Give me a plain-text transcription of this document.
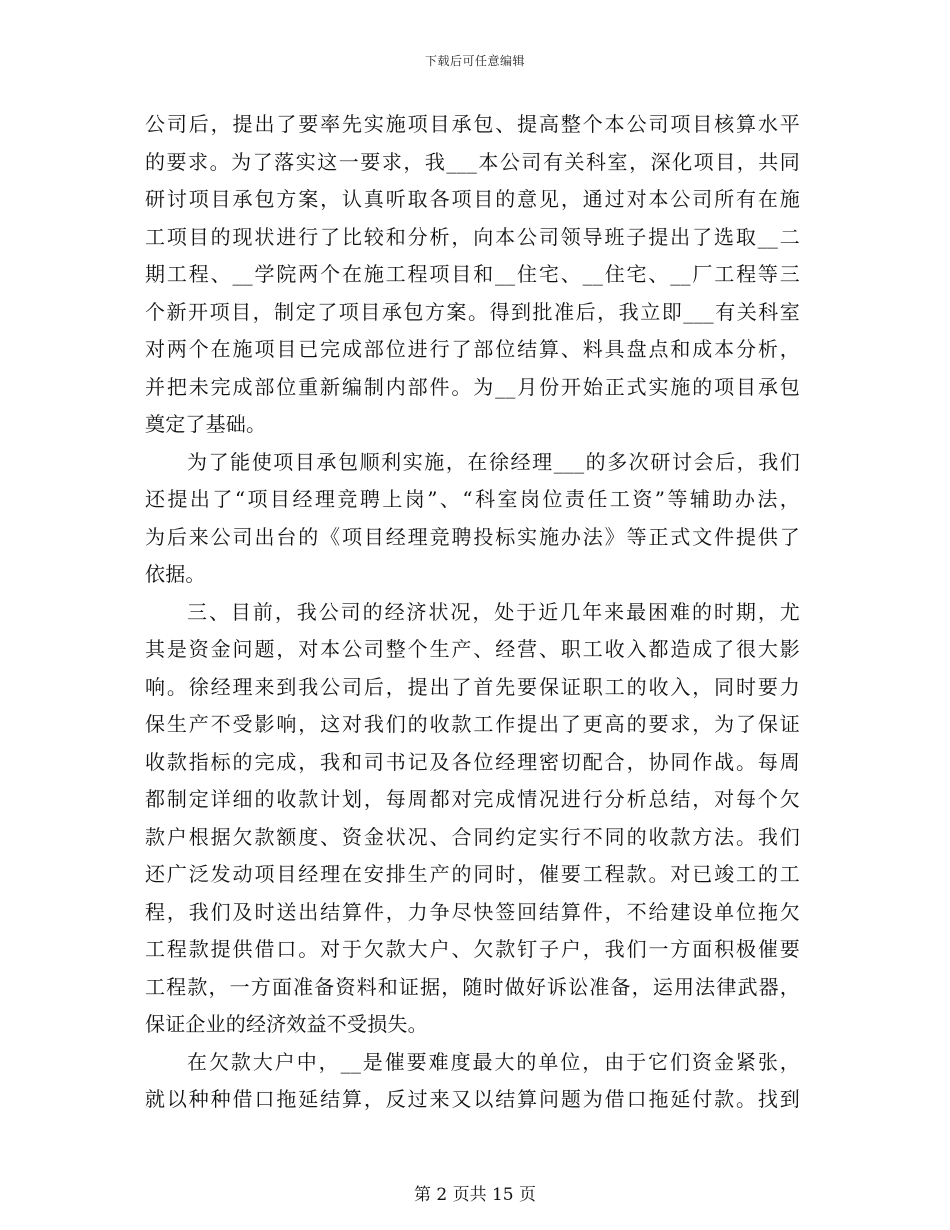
下载后可任意编辑
公司后，提出了要率先实施项目承包、提高整个本公司项目核算水平
的要求。为了落实这一要求，我___本公司有关科室，深化项目，共同
研讨项目承包方案，认真听取各项目的意见，通过对本公司所有在施
工项目的现状进行了比较和分析，向本公司领导班子提出了选取__二
期工程、__学院两个在施工程项目和__住宅、__住宅、__厂工程等三
个新开项目，制定了项目承包方案。得到批准后，我立即___有关科室
对两个在施项目已完成部位进行了部位结算、料具盘点和成本分析，
并把未完成部位重新编制内部件。为__月份开始正式实施的项目承包
奠定了基础。
为了能使项目承包顺利实施，在徐经理___的多次研讨会后，我们
还提出了“项目经理竞聘上岗”、“科室岗位责任工资”等辅助办法，
为后来公司出台的《项目经理竞聘投标实施办法》等正式文件提供了
依据。
三、目前，我公司的经济状况，处于近几年来最困难的时期，尤
其是资金问题，对本公司整个生产、经营、职工收入都造成了很大影
响。徐经理来到我公司后，提出了首先要保证职工的收入，同时要力
保生产不受影响，这对我们的收款工作提出了更高的要求，为了保证
收款指标的完成，我和司书记及各位经理密切配合，协同作战。每周
都制定详细的收款计划，每周都对完成情况进行分析总结，对每个欠
款户根据欠款额度、资金状况、合同约定实行不同的收款方法。我们
还广泛发动项目经理在安排生产的同时，催要工程款。对已竣工的工
程，我们及时送出结算件，力争尽快签回结算件，不给建设单位拖欠
工程款提供借口。对于欠款大户、欠款钉子户，我们一方面积极催要
工程款，一方面准备资料和证据，随时做好诉讼准备，运用法律武器，
保证企业的经济效益不受损失。
在欠款大户中，__是催要难度最大的单位，由于它们资金紧张，
就以种种借口拖延结算，反过来又以结算问题为借口拖延付款。找到
第 2 页共 15 页
